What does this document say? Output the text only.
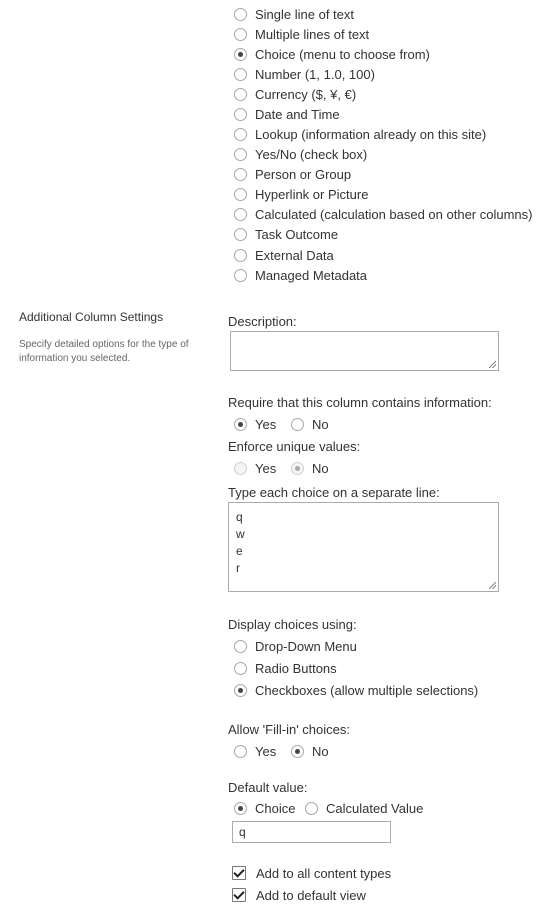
Single line of text
Multiple lines of text
Choice (menu to choose from)
Number (1, 1.0, 100)
Currency ($, ¥, €)
Date and Time
Lookup (information already on this site)
Yes/No (check box)
Person or Group
Hyperlink or Picture
Calculated (calculation based on other columns)
Task Outcome
External Data
Managed Metadata
Additional Column Settings
Specify detailed options for the type of information you selected.
Description:
Require that this column contains information:
Yes	No
Enforce unique values:
Yes	No
Type each choice on a separate line:
q
w
e
r
Display choices using:
Drop-Down Menu
Radio Buttons
Checkboxes (allow multiple selections)
Allow 'Fill-in' choices:
Yes	No
Default value:
Choice Calculated Value
q
Add to all content types
Add to default view
